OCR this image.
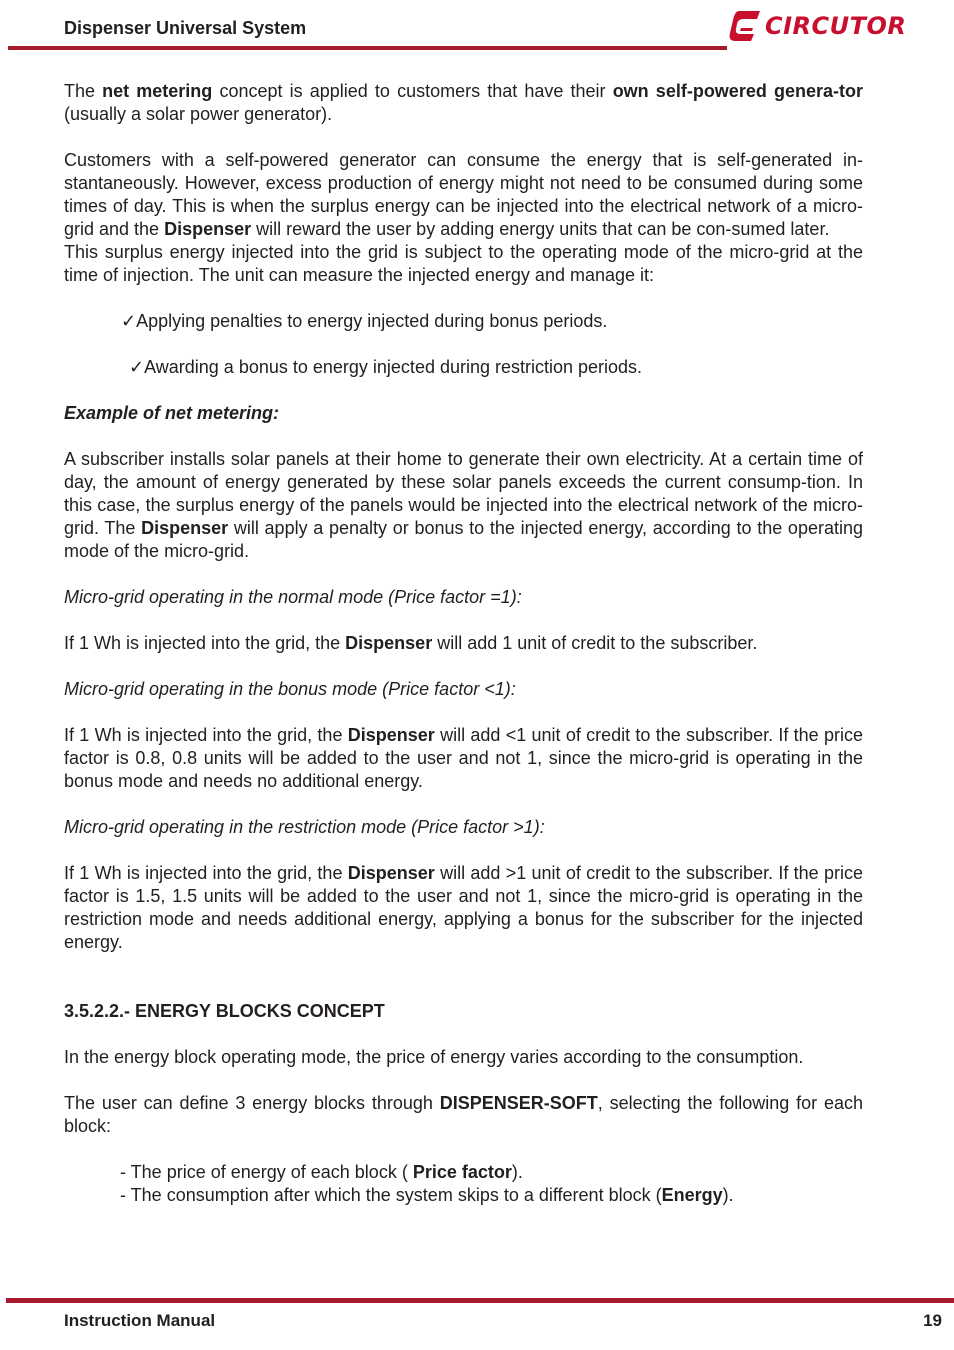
Dispenser Universal System	CIRCUTOR

The net metering concept is applied to customers that have their own self-powered genera-tor (usually a solar power generator).

Customers with a self-powered generator can consume the energy that is self-generated in-stantaneously. However, excess production of energy might not need to be consumed during some times of day. This is when the surplus energy can be injected into the electrical network of a micro-grid and the Dispenser will reward the user by adding energy units that can be con-sumed later.

This surplus energy injected into the grid is subject to the operating mode of the micro-grid at the time of injection. The unit can measure the injected energy and manage it:

✓Applying penalties to energy injected during bonus periods.

✓Awarding a bonus to energy injected during restriction periods.

Example of net metering:

A subscriber installs solar panels at their home to generate their own electricity. At a certain time of day, the amount of energy generated by these solar panels exceeds the current consump-tion. In this case, the surplus energy of the panels would be injected into the electrical network of the micro-grid. The Dispenser will apply a penalty or bonus to the injected energy, according to the operating mode of the micro-grid.

Micro-grid operating in the normal mode (Price factor =1):

If 1 Wh is injected into the grid, the Dispenser will add 1 unit of credit to the subscriber.

Micro-grid operating in the bonus mode (Price factor <1):

If 1 Wh is injected into the grid, the Dispenser will add <1 unit of credit to the subscriber. If the price factor is 0.8, 0.8 units will be added to the user and not 1, since the micro-grid is operating in the bonus mode and needs no additional energy.

Micro-grid operating in the restriction mode (Price factor >1):

If 1 Wh is injected into the grid, the Dispenser will add >1 unit of credit to the subscriber. If the price factor is 1.5, 1.5 units will be added to the user and not 1, since the micro-grid is operating in the restriction mode and needs additional energy, applying a bonus for the subscriber for the injected energy.

3.5.2.2.- ENERGY BLOCKS CONCEPT

In the energy block operating mode, the price of energy varies according to the consumption.

The user can define 3 energy blocks through DISPENSER-SOFT, selecting the following for each block:

- The price of energy of each block ( Price factor).

- The consumption after which the system skips to a different block (Energy).

Instruction Manual	19
